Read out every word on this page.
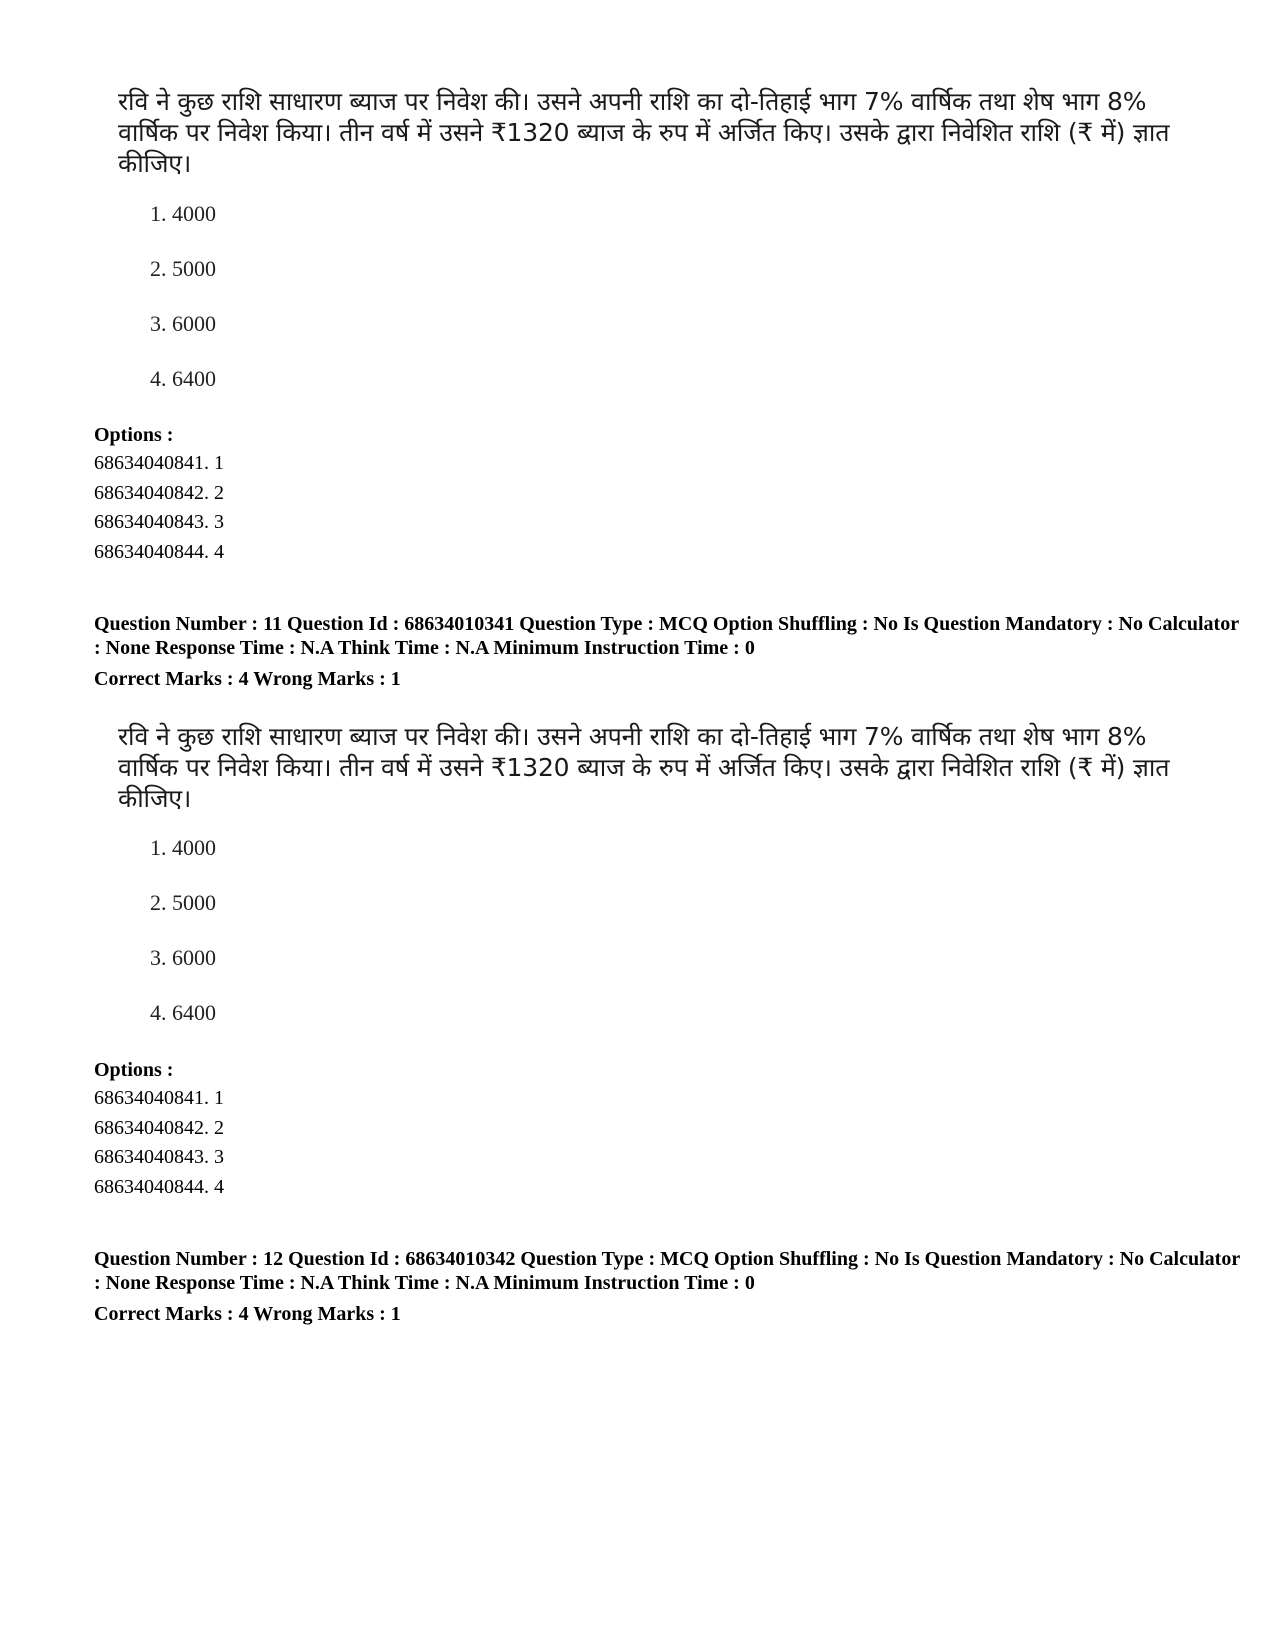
रवि ने कुछ राशि साधारण ब्याज पर निवेश की। उसने अपनी राशि का दो-तिहाई भाग 7% वार्षिक तथा शेष भाग 8% वार्षिक पर निवेश किया। तीन वर्ष में उसने ₹1320 ब्याज के रुप में अर्जित किए। उसके द्वारा निवेशित राशि (₹ में) ज्ञात कीजिए।

1. 4000
2. 5000
3. 6000
4. 6400

Options :

68634040841. 1
68634040842. 2
68634040843. 3
68634040844. 4

Question Number : 11 Question Id : 68634010341 Question Type : MCQ Option Shuffling : No Is Question Mandatory : No Calculator : None Response Time : N.A Think Time : N.A Minimum Instruction Time : 0

Correct Marks : 4 Wrong Marks : 1

रवि ने कुछ राशि साधारण ब्याज पर निवेश की। उसने अपनी राशि का दो-तिहाई भाग 7% वार्षिक तथा शेष भाग 8% वार्षिक पर निवेश किया। तीन वर्ष में उसने ₹1320 ब्याज के रुप में अर्जित किए। उसके द्वारा निवेशित राशि (₹ में) ज्ञात कीजिए।

1. 4000
2. 5000
3. 6000
4. 6400

Options :

68634040841. 1
68634040842. 2
68634040843. 3
68634040844. 4

Question Number : 12 Question Id : 68634010342 Question Type : MCQ Option Shuffling : No Is Question Mandatory : No Calculator : None Response Time : N.A Think Time : N.A Minimum Instruction Time : 0

Correct Marks : 4 Wrong Marks : 1
